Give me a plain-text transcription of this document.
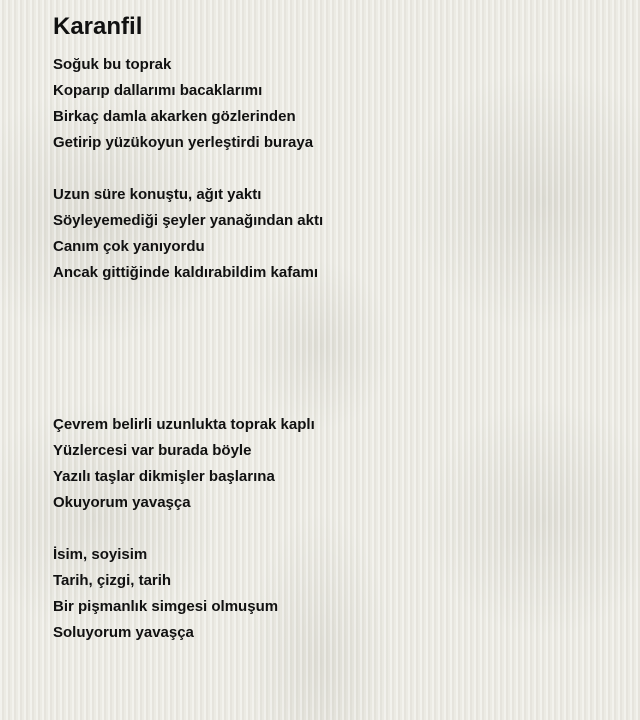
Karanfil
Soğuk bu toprak
Koparıp dallarımı bacaklarımı
Birkaç damla akarken gözlerinden
Getirip yüzükoyun yerleştirdi buraya
Uzun süre konuştu, ağıt yaktı
Söyleyemediği şeyler yanağından aktı
Canım çok yanıyordu
Ancak gittiğinde kaldırabildim kafamı
Çevrem belirli uzunlukta toprak kaplı
Yüzlercesi var burada böyle
Yazılı taşlar dikmişler başlarına
Okuyorum yavaşça
İsim, soyisim
Tarih, çizgi, tarih
Bir pişmanlık simgesi olmuşum
Soluyorum yavaşça
